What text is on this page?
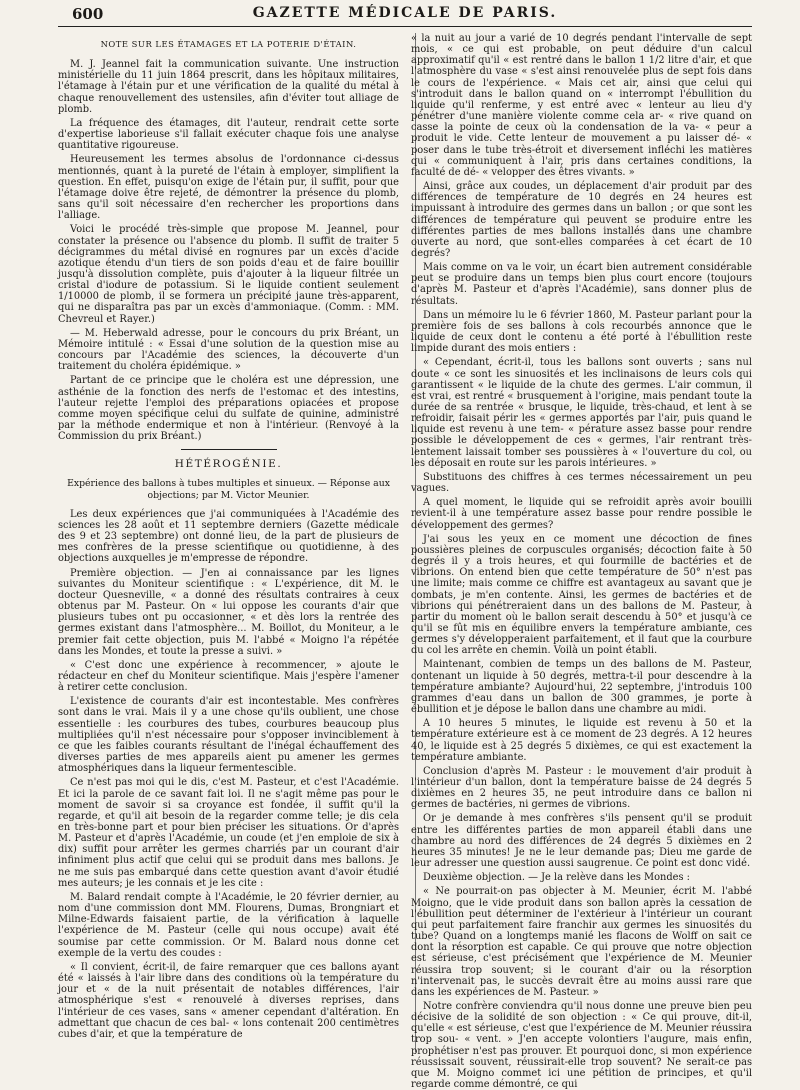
600	GAZETTE MÉDICALE DE PARIS.

NOTE SUR LES ÉTAMAGES ET LA POTERIE D'ÉTAIN.

M. J. Jeannel fait la communication suivante. Une instruction ministérielle du 11 juin 1864 prescrit, dans les hôpitaux militaires, l'étamage à l'étain pur et une vérification de la qualité du métal à chaque renouvellement des ustensiles, afin d'éviter tout alliage de plomb.

La fréquence des étamages, dit l'auteur, rendrait cette sorte d'expertise laborieuse s'il fallait exécuter chaque fois une analyse quantitative rigoureuse.

Heureusement les termes absolus de l'ordonnance ci-dessus mentionnés, quant à la pureté de l'étain à employer, simplifient la question. En effet, puisqu'on exige de l'étain pur, il suffit, pour que l'étamage doive être rejeté, de démontrer la présence du plomb, sans qu'il soit nécessaire d'en rechercher les proportions dans l'alliage.

Voici le procédé très-simple que propose M. Jeannel, pour constater la présence ou l'absence du plomb. Il suffit de traiter 5 décigrammes du métal divisé en rognures par un excès d'acide azotique étendu d'un tiers de son poids d'eau et de faire bouillir jusqu'à dissolution complète, puis d'ajouter à la liqueur filtrée un cristal d'iodure de potassium. Si le liquide contient seulement 1/10000 de plomb, il se formera un précipité jaune très-apparent, qui ne disparaîtra pas par un excès d'ammoniaque. (Comm. : MM. Chevreul et Rayer.)

— M. Heberwald adresse, pour le concours du prix Bréant, un Mémoire intitulé : « Essai d'une solution de la question mise au concours par l'Académie des sciences, la découverte d'un traitement du choléra épidémique. »

Partant de ce principe que le choléra est une dépression, une asthénie de la fonction des nerfs de l'estomac et des intestins, l'auteur rejette l'emploi des préparations opiacées et propose comme moyen spécifique celui du sulfate de quinine, administré par la méthode endermique et non à l'intérieur. (Renvoyé à la Commission du prix Bréant.)

HÉTÉROGÉNIE.

Expérience des ballons à tubes multiples et sinueux. — Réponse aux objections; par M. Victor Meunier.

Les deux expériences que j'ai communiquées à l'Académie des sciences les 28 août et 11 septembre derniers (Gazette médicale des 9 et 23 septembre) ont donné lieu, de la part de plusieurs de mes confrères de la presse scientifique ou quotidienne, à des objections auxquelles je m'empresse de répondre.

Première objection. — J'en ai connaissance par les lignes suivantes du Moniteur scientifique : « L'expérience, dit M. le docteur Quesneville, « a donné des résultats contraires à ceux obtenus par M. Pasteur. On « lui oppose les courants d'air que plusieurs tubes ont pu occasionner, « et dès lors la rentrée des germes existant dans l'atmosphère... M. Boillot, du Moniteur, a le premier fait cette objection, puis M. l'abbé « Moigno l'a répétée dans les Mondes, et toute la presse a suivi. »

« C'est donc une expérience à recommencer, » ajoute le rédacteur en chef du Moniteur scientifique. Mais j'espère l'amener à retirer cette conclusion.

L'existence de courants d'air est incontestable. Mes confrères sont dans le vrai. Mais il y a une chose qu'ils oublient, une chose essentielle : les courbures des tubes, courbures beaucoup plus multipliées qu'il n'est nécessaire pour s'opposer invinciblement à ce que les faibles courants résultant de l'inégal échauffement des diverses parties de mes appareils aient pu amener les germes atmosphériques dans la liqueur fermentescible.

Ce n'est pas moi qui le dis, c'est M. Pasteur, et c'est l'Académie. Et ici la parole de ce savant fait loi. Il ne s'agit même pas pour le moment de savoir si sa croyance est fondée, il suffit qu'il la regarde, et qu'il ait besoin de la regarder comme telle; je dis cela en très-bonne part et pour bien préciser les situations. Or d'après M. Pasteur et d'après l'Académie, un coude (et j'en emploie de six à dix) suffit pour arrêter les germes charriés par un courant d'air infiniment plus actif que celui qui se produit dans mes ballons. Je ne me suis pas embarqué dans cette question avant d'avoir étudié mes auteurs; je les connais et je les cite :

M. Balard rendait compte à l'Académie, le 20 février dernier, au nom d'une commission dont MM. Flourens, Dumas, Brongniart et Milne-Edwards faisaient partie, de la vérification à laquelle l'expérience de M. Pasteur (celle qui nous occupe) avait été soumise par cette commission. Or M. Balard nous donne cet exemple de la vertu des coudes :

« Il convient, écrit-il, de faire remarquer que ces ballons ayant été « laissés à l'air libre dans des conditions où la température du jour et « de la nuit présentait de notables différences, l'air atmosphérique s'est « renouvelé à diverses reprises, dans l'intérieur de ces vases, sans « amener cependant d'altération. En admettant que chacun de ces bal- « lons contenait 200 centimètres cubes d'air, et que la température de

« la nuit au jour a varié de 10 degrés pendant l'intervalle de sept mois, « ce qui est probable, on peut déduire d'un calcul approximatif qu'il « est rentré dans le ballon 1 1/2 litre d'air, et que l'atmosphère du vase « s'est ainsi renouvelée plus de sept fois dans le cours de l'expérience. « Mais cet air, ainsi que celui qui s'introduit dans le ballon quand on « interrompt l'ébullition du liquide qu'il renferme, y est entré avec « lenteur au lieu d'y pénétrer d'une manière violente comme cela ar- « rive quand on casse la pointe de ceux où la condensation de la va- « peur a produit le vide. Cette lenteur de mouvement a pu laisser dé- « poser dans le tube très-étroit et diversement infléchi les matières qui « communiquent à l'air, pris dans certaines conditions, la faculté de dé- « velopper des êtres vivants. »

Ainsi, grâce aux coudes, un déplacement d'air produit par des différences de température de 10 degrés en 24 heures est impuissant à introduire des germes dans un ballon ; or que sont les différences de température qui peuvent se produire entre les différentes parties de mes ballons installés dans une chambre ouverte au nord, que sont-elles comparées à cet écart de 10 degrés?

Mais comme on va le voir, un écart bien autrement considérable peut se produire dans un temps bien plus court encore (toujours d'après M. Pasteur et d'après l'Académie), sans donner plus de résultats.

Dans un mémoire lu le 6 février 1860, M. Pasteur parlant pour la première fois de ses ballons à cols recourbés annonce que le liquide de ceux dont le contenu a été porté à l'ébullition reste limpide durant des mois entiers :

« Cependant, écrit-il, tous les ballons sont ouverts ; sans nul doute « ce sont les sinuosités et les inclinaisons de leurs cols qui garantissent « le liquide de la chute des germes. L'air commun, il est vrai, est rentré « brusquement à l'origine, mais pendant toute la durée de sa rentrée « brusque, le liquide, très-chaud, et lent à se refroidir, faisait périr les « germes apportés par l'air, puis quand le liquide est revenu à une tem- « pérature assez basse pour rendre possible le développement de ces « germes, l'air rentrant très-lentement laissait tomber ses poussières à « l'ouverture du col, ou les déposait en route sur les parois intérieures. »

Substituons des chiffres à ces termes nécessairement un peu vagues.

A quel moment, le liquide qui se refroidit après avoir bouilli revient-il à une température assez basse pour rendre possible le développement des germes?

J'ai sous les yeux en ce moment une décoction de fines poussières pleines de corpuscules organisés; décoction faite à 50 degrés il y a trois heures, et qui fourmille de bactéries et de vibrions. On entend bien que cette température de 50° n'est pas une limite; mais comme ce chiffre est avantageux au savant que je combats, je m'en contente. Ainsi, les germes de bactéries et de vibrions qui pénétreraient dans un des ballons de M. Pasteur, à partir du moment où le ballon serait descendu à 50° et jusqu'à ce qu'il se fût mis en équilibre envers la température ambiante, ces germes s'y développeraient parfaitement, et il faut que la courbure du col les arrête en chemin. Voilà un point établi.

Maintenant, combien de temps un des ballons de M. Pasteur, contenant un liquide à 50 degrés, mettra-t-il pour descendre à la température ambiante? Aujourd'hui, 22 septembre, j'introduis 100 grammes d'eau dans un ballon de 300 grammes, je porte à ébullition et je dépose le ballon dans une chambre au midi.

A 10 heures 5 minutes, le liquide est revenu à 50 et la température extérieure est à ce moment de 23 degrés. A 12 heures 40, le liquide est à 25 degrés 5 dixièmes, ce qui est exactement la température ambiante.

Conclusion d'après M. Pasteur : le mouvement d'air produit à l'intérieur d'un ballon, dont la température baisse de 24 degrés 5 dixièmes en 2 heures 35, ne peut introduire dans ce ballon ni germes de bactéries, ni germes de vibrions.

Or je demande à mes confrères s'ils pensent qu'il se produit entre les différentes parties de mon appareil établi dans une chambre au nord des différences de 24 degrés 5 dixièmes en 2 heures 35 minutes! Je ne le leur demande pas; Dieu me garde de leur adresser une question aussi saugrenue. Ce point est donc vidé.

Deuxième objection. — Je la relève dans les Mondes :

« Ne pourrait-on pas objecter à M. Meunier, écrit M. l'abbé Moigno, que le vide produit dans son ballon après la cessation de l'ébullition peut déterminer de l'extérieur à l'intérieur un courant qui peut parfaitement faire franchir aux germes les sinuosités du tube? Quand on a longtemps manié les flacons de Wolff on sait ce dont la résorption est capable. Ce qui prouve que notre objection est sérieuse, c'est précisément que l'expérience de M. Meunier réussira trop souvent; si le courant d'air ou la résorption n'intervenait pas, le succès devrait être au moins aussi rare que dans les expériences de M. Pasteur. »

Notre confrère conviendra qu'il nous donne une preuve bien peu décisive de la solidité de son objection : « Ce qui prouve, dit-il, qu'elle « est sérieuse, c'est que l'expérience de M. Meunier réussira trop sou- « vent. » J'en accepte volontiers l'augure, mais enfin, prophétiser n'est pas prouver. Et pourquoi donc, si mon expérience réussissait souvent, réussirait-elle trop souvent? Ne serait-ce pas que M. Moigno commet ici une pétition de principes, et qu'il regarde comme démontré, ce qui
